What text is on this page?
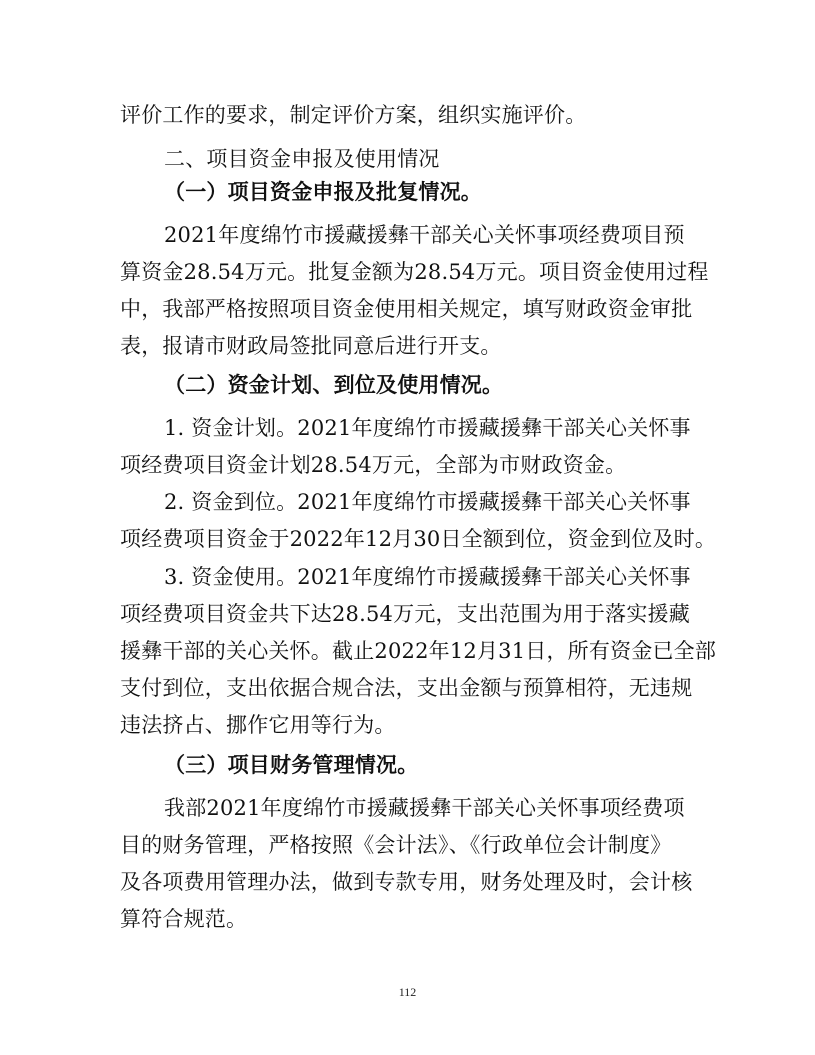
评价工作的要求，制定评价方案，组织实施评价。
二、项目资金申报及使用情况
（一）项目资金申报及批复情况。
2021年度绵竹市援藏援彝干部关心关怀事项经费项目预
算资金28.54万元。批复金额为28.54万元。项目资金使用过程
中，我部严格按照项目资金使用相关规定，填写财政资金审批
表，报请市财政局签批同意后进行开支。
（二）资金计划、到位及使用情况。
1. 资金计划。2021年度绵竹市援藏援彝干部关心关怀事
项经费项目资金计划28.54万元，全部为市财政资金。
2. 资金到位。2021年度绵竹市援藏援彝干部关心关怀事
项经费项目资金于2022年12月30日全额到位，资金到位及时。
3. 资金使用。2021年度绵竹市援藏援彝干部关心关怀事
项经费项目资金共下达28.54万元，支出范围为用于落实援藏
援彝干部的关心关怀。截止2022年12月31日，所有资金已全部
支付到位，支出依据合规合法，支出金额与预算相符，无违规
违法挤占、挪作它用等行为。
（三）项目财务管理情况。
我部2021年度绵竹市援藏援彝干部关心关怀事项经费项
目的财务管理，严格按照《会计法》、《行政单位会计制度》
及各项费用管理办法，做到专款专用，财务处理及时，会计核
算符合规范。
112
